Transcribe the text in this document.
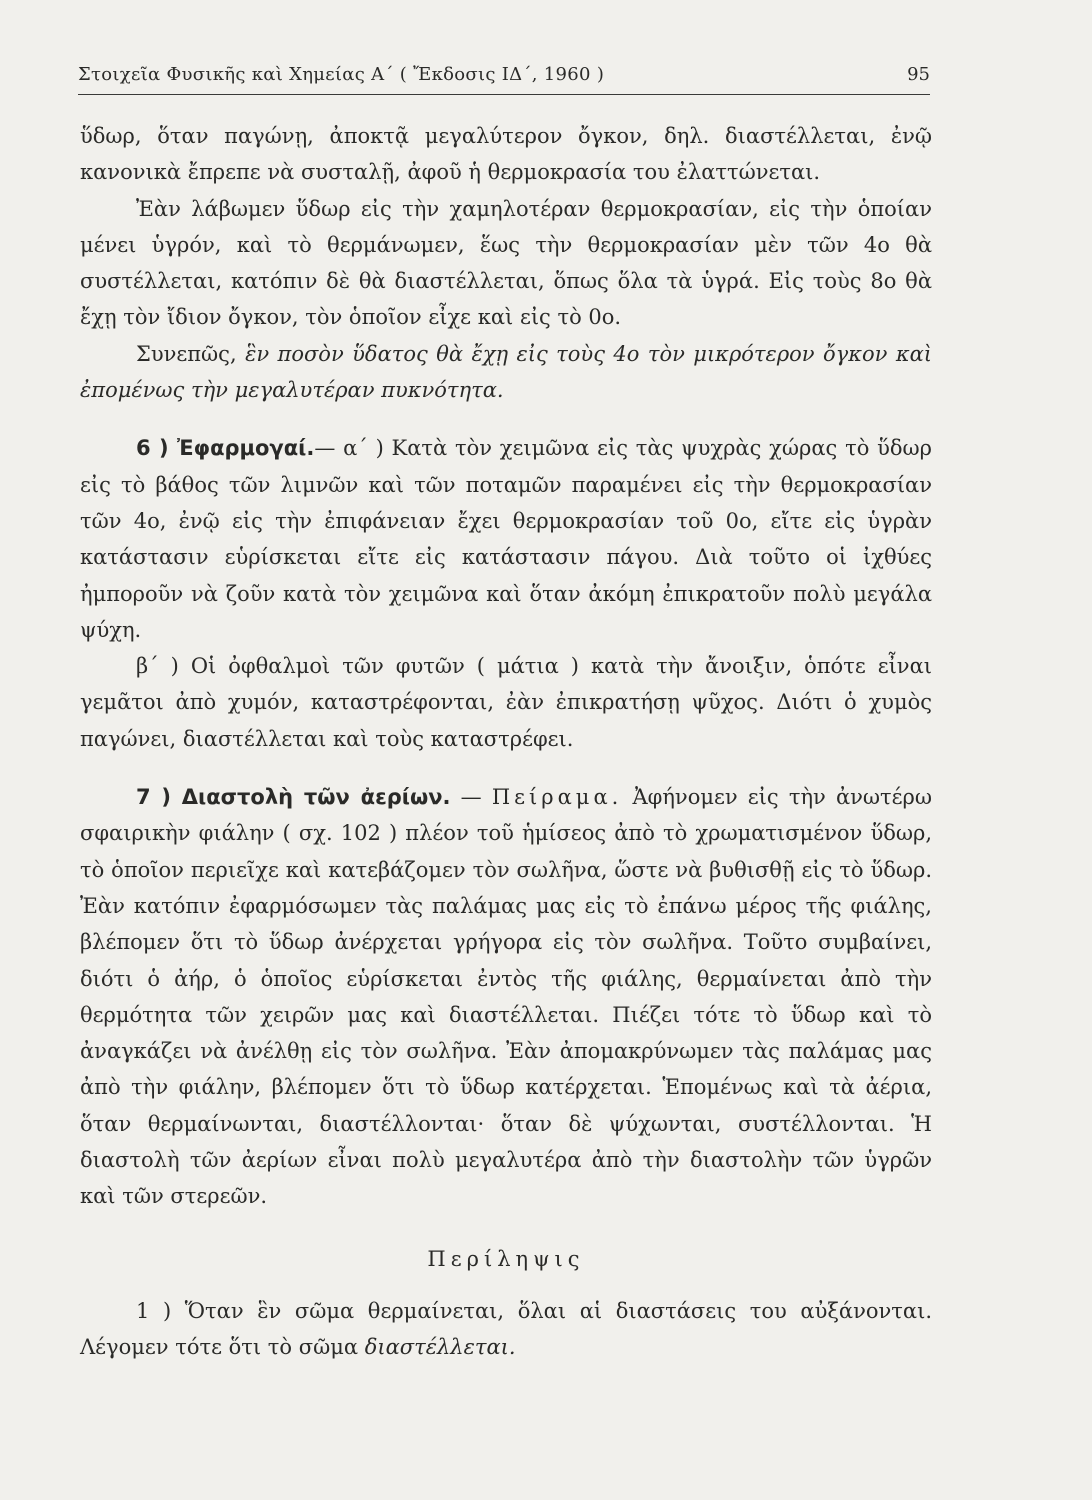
Στοιχεῖα Φυσικῆς καὶ Χημείας Α΄ ( Ἔκδοσις ΙΔ΄, 1960 )	95

ὕδωρ, ὅταν παγώνῃ, ἀποκτᾷ μεγαλύτερον ὄγκον, δηλ. διαστέλλεται, ἐνῷ κανονικὰ ἔπρεπε νὰ συσταλῇ, ἀφοῦ ἡ θερμοκρασία του ἐλαττώνεται.

Ἐὰν λάβωμεν ὕδωρ εἰς τὴν χαμηλοτέραν θερμοκρασίαν, εἰς τὴν ὁποίαν μένει ὑγρόν, καὶ τὸ θερμάνωμεν, ἕως τὴν θερμοκρασίαν μὲν τῶν 4ο θὰ συστέλλεται, κατόπιν δὲ θὰ διαστέλλεται, ὅπως ὅλα τὰ ὑγρά. Εἰς τοὺς 8ο θὰ ἔχῃ τὸν ἴδιον ὄγκον, τὸν ὁποῖον εἶχε καὶ εἰς τὸ 0ο.

Συνεπῶς, ἓν ποσὸν ὕδατος θὰ ἔχῃ εἰς τοὺς 4ο τὸν μικρότερον ὄγκον καὶ ἐπομένως τὴν μεγαλυτέραν πυκνότητα.

6 ) Ἐφαρμογαί.— α΄ ) Κατὰ τὸν χειμῶνα εἰς τὰς ψυχρὰς χώρας τὸ ὕδωρ εἰς τὸ βάθος τῶν λιμνῶν καὶ τῶν ποταμῶν παραμένει εἰς τὴν θερμοκρασίαν τῶν 4ο, ἐνῷ εἰς τὴν ἐπιφάνειαν ἔχει θερμοκρασίαν τοῦ 0ο, εἴτε εἰς ὑγρὰν κατάστασιν εὑρίσκεται εἴτε εἰς κατάστασιν πάγου. Διὰ τοῦτο οἱ ἰχθύες ἠμποροῦν νὰ ζοῦν κατὰ τὸν χειμῶνα καὶ ὅταν ἀκόμη ἐπικρατοῦν πολὺ μεγάλα ψύχη.

β΄ ) Οἱ ὀφθαλμοὶ τῶν φυτῶν ( μάτια ) κατὰ τὴν ἄνοιξιν, ὁπότε εἶναι γεμᾶτοι ἀπὸ χυμόν, καταστρέφονται, ἐὰν ἐπικρατήσῃ ψῦχος. Διότι ὁ χυμὸς παγώνει, διαστέλλεται καὶ τοὺς καταστρέφει.

7 ) Διαστολὴ τῶν ἀερίων. — Πείραμα. Ἀφήνομεν εἰς τὴν ἀνωτέρω σφαιρικὴν φιάλην ( σχ. 102 ) πλέον τοῦ ἡμίσεος ἀπὸ τὸ χρωματισμένον ὕδωρ, τὸ ὁποῖον περιεῖχε καὶ κατεβάζομεν τὸν σωλῆνα, ὥστε νὰ βυθισθῇ εἰς τὸ ὕδωρ. Ἐὰν κατόπιν ἐφαρμόσωμεν τὰς παλάμας μας εἰς τὸ ἐπάνω μέρος τῆς φιάλης, βλέπομεν ὅτι τὸ ὕδωρ ἀνέρχεται γρήγορα εἰς τὸν σωλῆνα. Τοῦτο συμβαίνει, διότι ὁ ἀήρ, ὁ ὁποῖος εὑρίσκεται ἐντὸς τῆς φιάλης, θερμαίνεται ἀπὸ τὴν θερμότητα τῶν χειρῶν μας καὶ διαστέλλεται. Πιέζει τότε τὸ ὕδωρ καὶ τὸ ἀναγκάζει νὰ ἀνέλθῃ εἰς τὸν σωλῆνα. Ἐὰν ἀπομακρύνωμεν τὰς παλάμας μας ἀπὸ τὴν φιάλην, βλέπομεν ὅτι τὸ ὕδωρ κατέρχεται. Ἑπομένως καὶ τὰ ἀέρια, ὅταν θερμαίνωνται, διαστέλλονται· ὅταν δὲ ψύχωνται, συστέλλονται. Ἡ διαστολὴ τῶν ἀερίων εἶναι πολὺ μεγαλυτέρα ἀπὸ τὴν διαστολὴν τῶν ὑγρῶν καὶ τῶν στερεῶν.

Περίληψις

1 ) Ὅταν ἓν σῶμα θερμαίνεται, ὅλαι αἱ διαστάσεις του αὐξάνονται. Λέγομεν τότε ὅτι τὸ σῶμα διαστέλλεται.
